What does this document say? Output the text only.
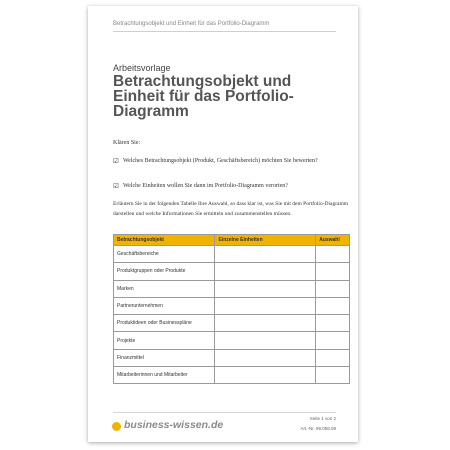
Betrachtungsobjekt und Einheit für das Portfolio-Diagramm
Arbeitsvorlage
Betrachtungsobjekt und Einheit für das Portfolio-Diagramm
Klären Sie:
☑ Welches Betrachtungsobjekt (Produkt, Geschäftsbereich) möchten Sie bewerten?
☑ Welche Einheiten wollen Sie dann im Portfolio-Diagramm verorten?
Erläutern Sie in der folgenden Tabelle Ihre Auswahl, so dass klar ist, was Sie mit dem Portfolio-Diagramm darstellen und welche Informationen Sie ermitteln und zusammenstellen müssen.
Betrachtungsobjekt	Einzelne Einheiten	Auswahl
Geschäftsbereiche		
Produktgruppen oder Produkte		
Marken		
Partnerunternehmen		
Produktideen oder Businesspläne		
Projekte		
Finanzmittel		
Mitarbeiterinnen und Mitarbeiter		
business-wissen.de
Seite 1 von 2
Art.-Nr. 99.058.09
